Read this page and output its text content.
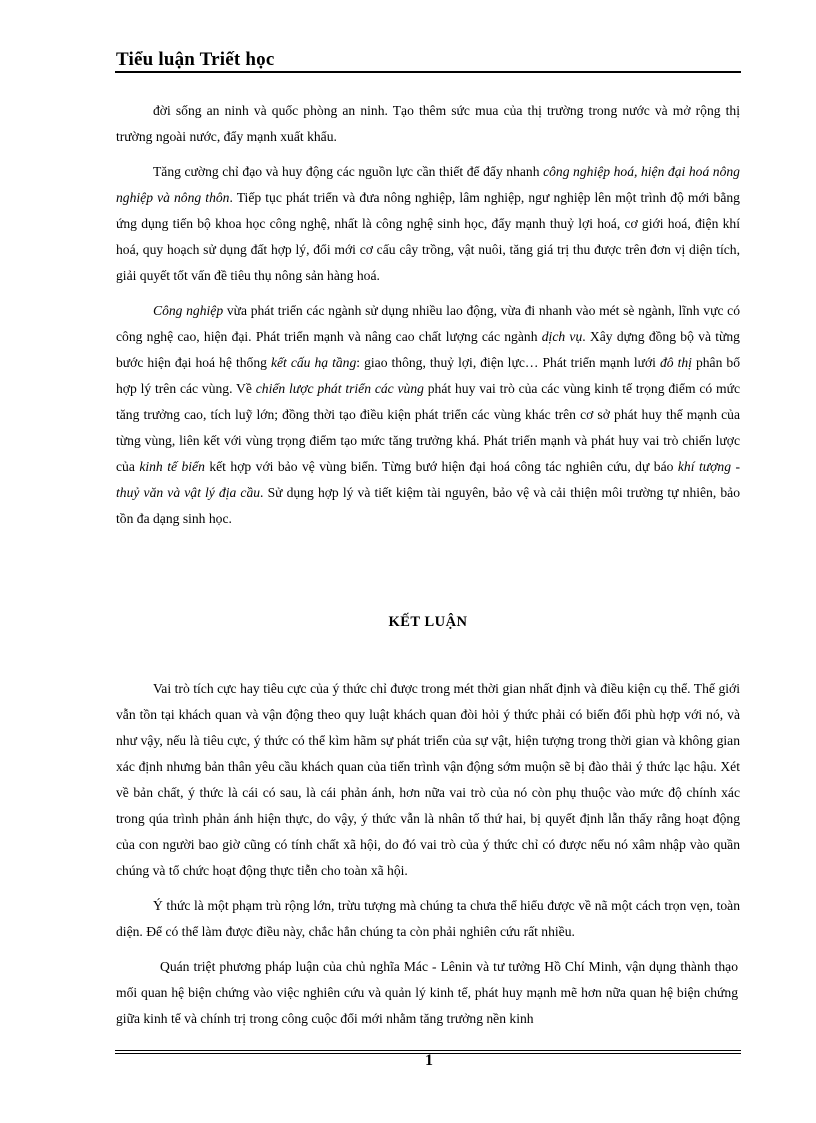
Tiểu luận Triết học

đời sống an ninh và quốc phòng an ninh. Tạo thêm sức mua của thị trường trong nước và mở rộng thị trường ngoài nước, đẩy mạnh xuất khẩu.

Tăng cường chỉ đạo và huy động các nguồn lực cần thiết để đẩy nhanh công nghiệp hoá, hiện đại hoá nông nghiệp và nông thôn. Tiếp tục phát triển và đưa nông nghiệp, lâm nghiệp, ngư nghiệp lên một trình độ mới bằng ứng dụng tiến bộ khoa học công nghệ, nhất là công nghệ sinh học, đẩy mạnh thuỷ lợi hoá, cơ giới hoá, điện khí hoá, quy hoạch sử dụng đất hợp lý, đổi mới cơ cấu cây trồng, vật nuôi, tăng giá trị thu được trên đơn vị diện tích, giải quyết tốt vấn đề tiêu thụ nông sản hàng hoá.

Công nghiệp vừa phát triển các ngành sử dụng nhiều lao động, vừa đi nhanh vào mét sè ngành, lĩnh vực có công nghệ cao, hiện đại. Phát triển mạnh và nâng cao chất lượng các ngành dịch vụ. Xây dựng đồng bộ và từng bước hiện đại hoá hệ thống kết cấu hạ tầng: giao thông, thuỷ lợi, điện lực… Phát triển mạnh lưới đô thị phân bố hợp lý trên các vùng. Về chiến lược phát triển các vùng phát huy vai trò của các vùng kinh tế trọng điểm có mức tăng trưởng cao, tích luỹ lớn; đồng thời tạo điều kiện phát triển các vùng khác trên cơ sở phát huy thế mạnh của từng vùng, liên kết với vùng trọng điểm tạo mức tăng trưởng khá. Phát triển mạnh và phát huy vai trò chiến lược của kinh tế biển kết hợp với bảo vệ vùng biển. Từng bướ hiện đại hoá công tác nghiên cứu, dự báo khí tượng - thuỷ văn và vật lý địa cầu. Sử dụng hợp lý và tiết kiệm tài nguyên, bảo vệ và cải thiện môi trường tự nhiên, bảo tồn đa dạng sinh học.

KẾT LUẬN

Vai trò tích cực hay tiêu cực của ý thức chỉ được trong mét thời gian nhất định và điều kiện cụ thể. Thế giới vẫn tồn tại khách quan và vận động theo quy luật khách quan đòi hỏi ý thức phải có biến đổi phù hợp với nó, và như vậy, nếu là tiêu cực, ý thức có thể kìm hãm sự phát triển của sự vật, hiện tượng trong thời gian và không gian xác định nhưng bản thân yêu cầu khách quan của tiến trình vận động sớm muộn sẽ bị đào thải ý thức lạc hậu. Xét về bản chất, ý thức là cái có sau, là cái phản ánh, hơn nữa vai trò của nó còn phụ thuộc vào mức độ chính xác trong qúa trình phản ánh hiện thực, do vậy, ý thức vẫn là nhân tố thứ hai, bị quyết định lẫn thấy rằng hoạt động của con người bao giờ cũng có tính chất xã hội, do đó vai trò của ý thức chỉ có được nếu nó xâm nhập vào quần chúng và tổ chức hoạt động thực tiễn cho toàn xã hội.

Ý thức là một phạm trù rộng lớn, trừu tượng mà chúng ta chưa thể hiểu được về nã một cách trọn vẹn, toàn diện. Để có thể làm được điều này, chắc hẳn chúng ta còn phải nghiên cứu rất nhiều.

Quán triệt phương pháp luận của chủ nghĩa Mác - Lênin và tư tưởng Hồ Chí Minh, vận dụng thành thạo mối quan hệ biện chứng vào việc nghiên cứu và quản lý kinh tế, phát huy mạnh mẽ hơn nữa quan hệ biện chứng giữa kinh tế và chính trị trong công cuộc đổi mới nhằm tăng trưởng nền kinh

1
